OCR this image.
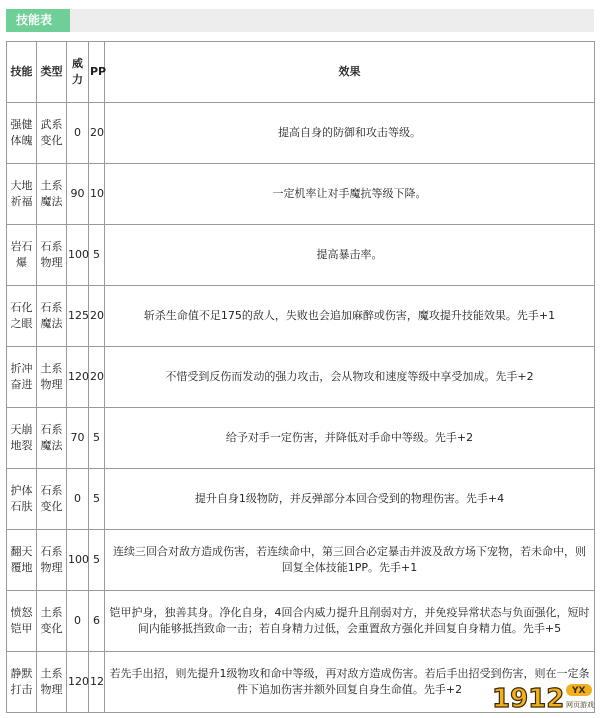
技能表
技能	类型	威力	PP	效果
强健体魄	武系变化	0	20	提高自身的防御和攻击等级。
大地祈福	土系魔法	90	10	一定机率让对手魔抗等级下降。
岩石爆	石系物理	100	5	提高暴击率。
石化之眼	石系魔法	125	20	斩杀生命值不足175的敌人，失败也会追加麻醉或伤害，魔攻提升技能效果。先手+1
折冲奋进	土系物理	120	20	不惜受到反伤而发动的强力攻击，会从物攻和速度等级中享受加成。先手+2
天崩地裂	石系魔法	70	5	给予对手一定伤害，并降低对手命中等级。先手+2
护体石肤	石系变化	0	5	提升自身1级物防，并反弹部分本回合受到的物理伤害。先手+4
翻天覆地	石系物理	100	5	连续三回合对敌方造成伤害，若连续命中，第三回合必定暴击并波及敌方场下宠物，若未命中，则回复全体技能1PP。先手+1
愤怒铠甲	土系变化	0	6	铠甲护身，独善其身。净化自身，4回合内威力提升且削弱对方，并免疫异常状态与负面强化，短时间内能够抵挡致命一击；若自身精力过低，会重置敌方强化并回复自身精力值。先手+5
静默打击	土系物理	120	12	若先手出招，则先提升1级物攻和命中等级，再对敌方造成伤害。若后手出招受到伤害，则在一定条件下追加伤害并额外回复自身生命值。先手+2 1912 YX
网页游戏
